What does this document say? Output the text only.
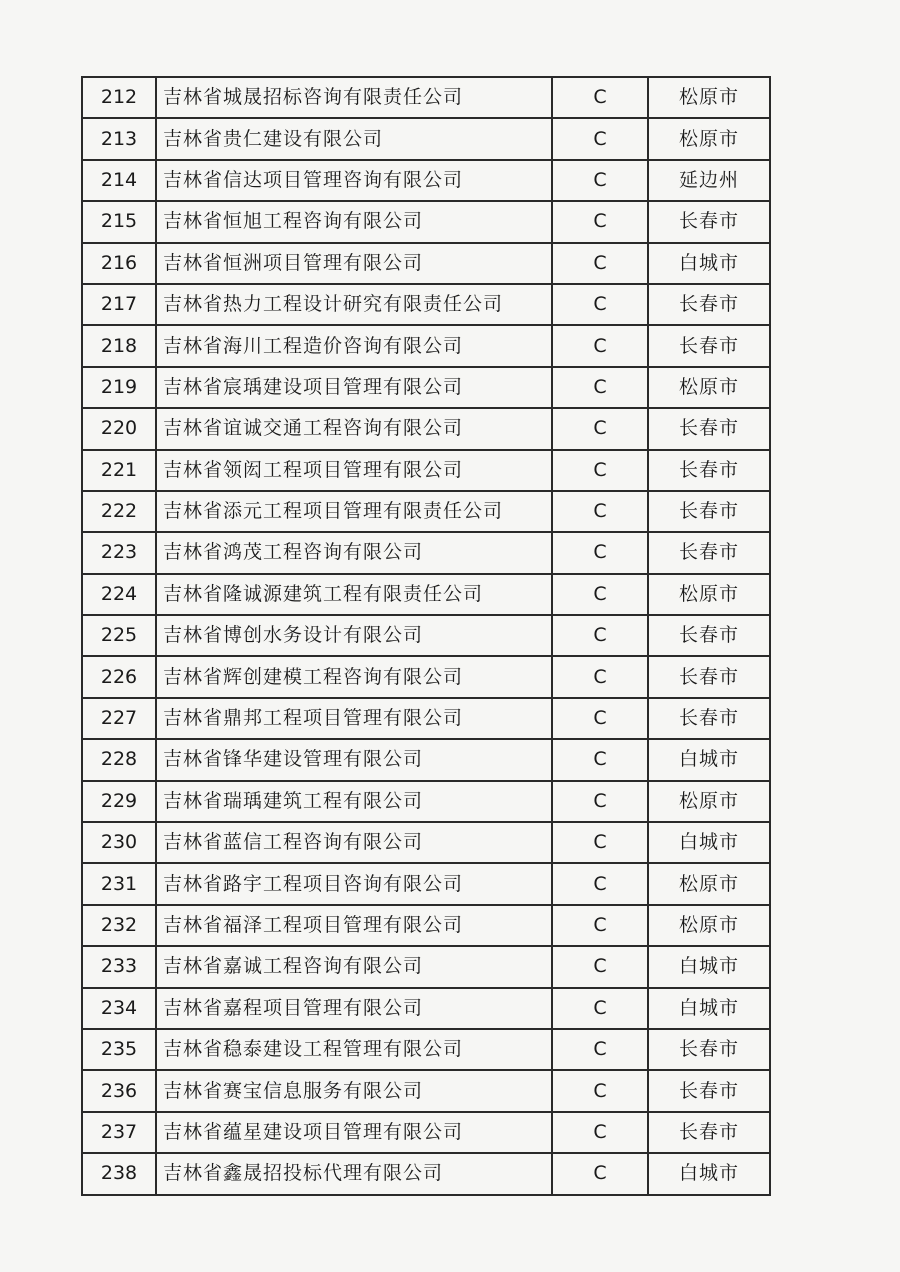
212	吉林省城晟招标咨询有限责任公司	C	松原市
213	吉林省贵仁建设有限公司	C	松原市
214	吉林省信达项目管理咨询有限公司	C	延边州
215	吉林省恒旭工程咨询有限公司	C	长春市
216	吉林省恒洲项目管理有限公司	C	白城市
217	吉林省热力工程设计研究有限责任公司	C	长春市
218	吉林省海川工程造价咨询有限公司	C	长春市
219	吉林省宸瑀建设项目管理有限公司	C	松原市
220	吉林省谊诚交通工程咨询有限公司	C	长春市
221	吉林省领闳工程项目管理有限公司	C	长春市
222	吉林省添元工程项目管理有限责任公司	C	长春市
223	吉林省鸿茂工程咨询有限公司	C	长春市
224	吉林省隆诚源建筑工程有限责任公司	C	松原市
225	吉林省博创水务设计有限公司	C	长春市
226	吉林省辉创建模工程咨询有限公司	C	长春市
227	吉林省鼎邦工程项目管理有限公司	C	长春市
228	吉林省锋华建设管理有限公司	C	白城市
229	吉林省瑞瑀建筑工程有限公司	C	松原市
230	吉林省蓝信工程咨询有限公司	C	白城市
231	吉林省路宇工程项目咨询有限公司	C	松原市
232	吉林省福泽工程项目管理有限公司	C	松原市
233	吉林省嘉诚工程咨询有限公司	C	白城市
234	吉林省嘉程项目管理有限公司	C	白城市
235	吉林省稳泰建设工程管理有限公司	C	长春市
236	吉林省赛宝信息服务有限公司	C	长春市
237	吉林省蕴星建设项目管理有限公司	C	长春市
238	吉林省鑫晟招投标代理有限公司	C	白城市
